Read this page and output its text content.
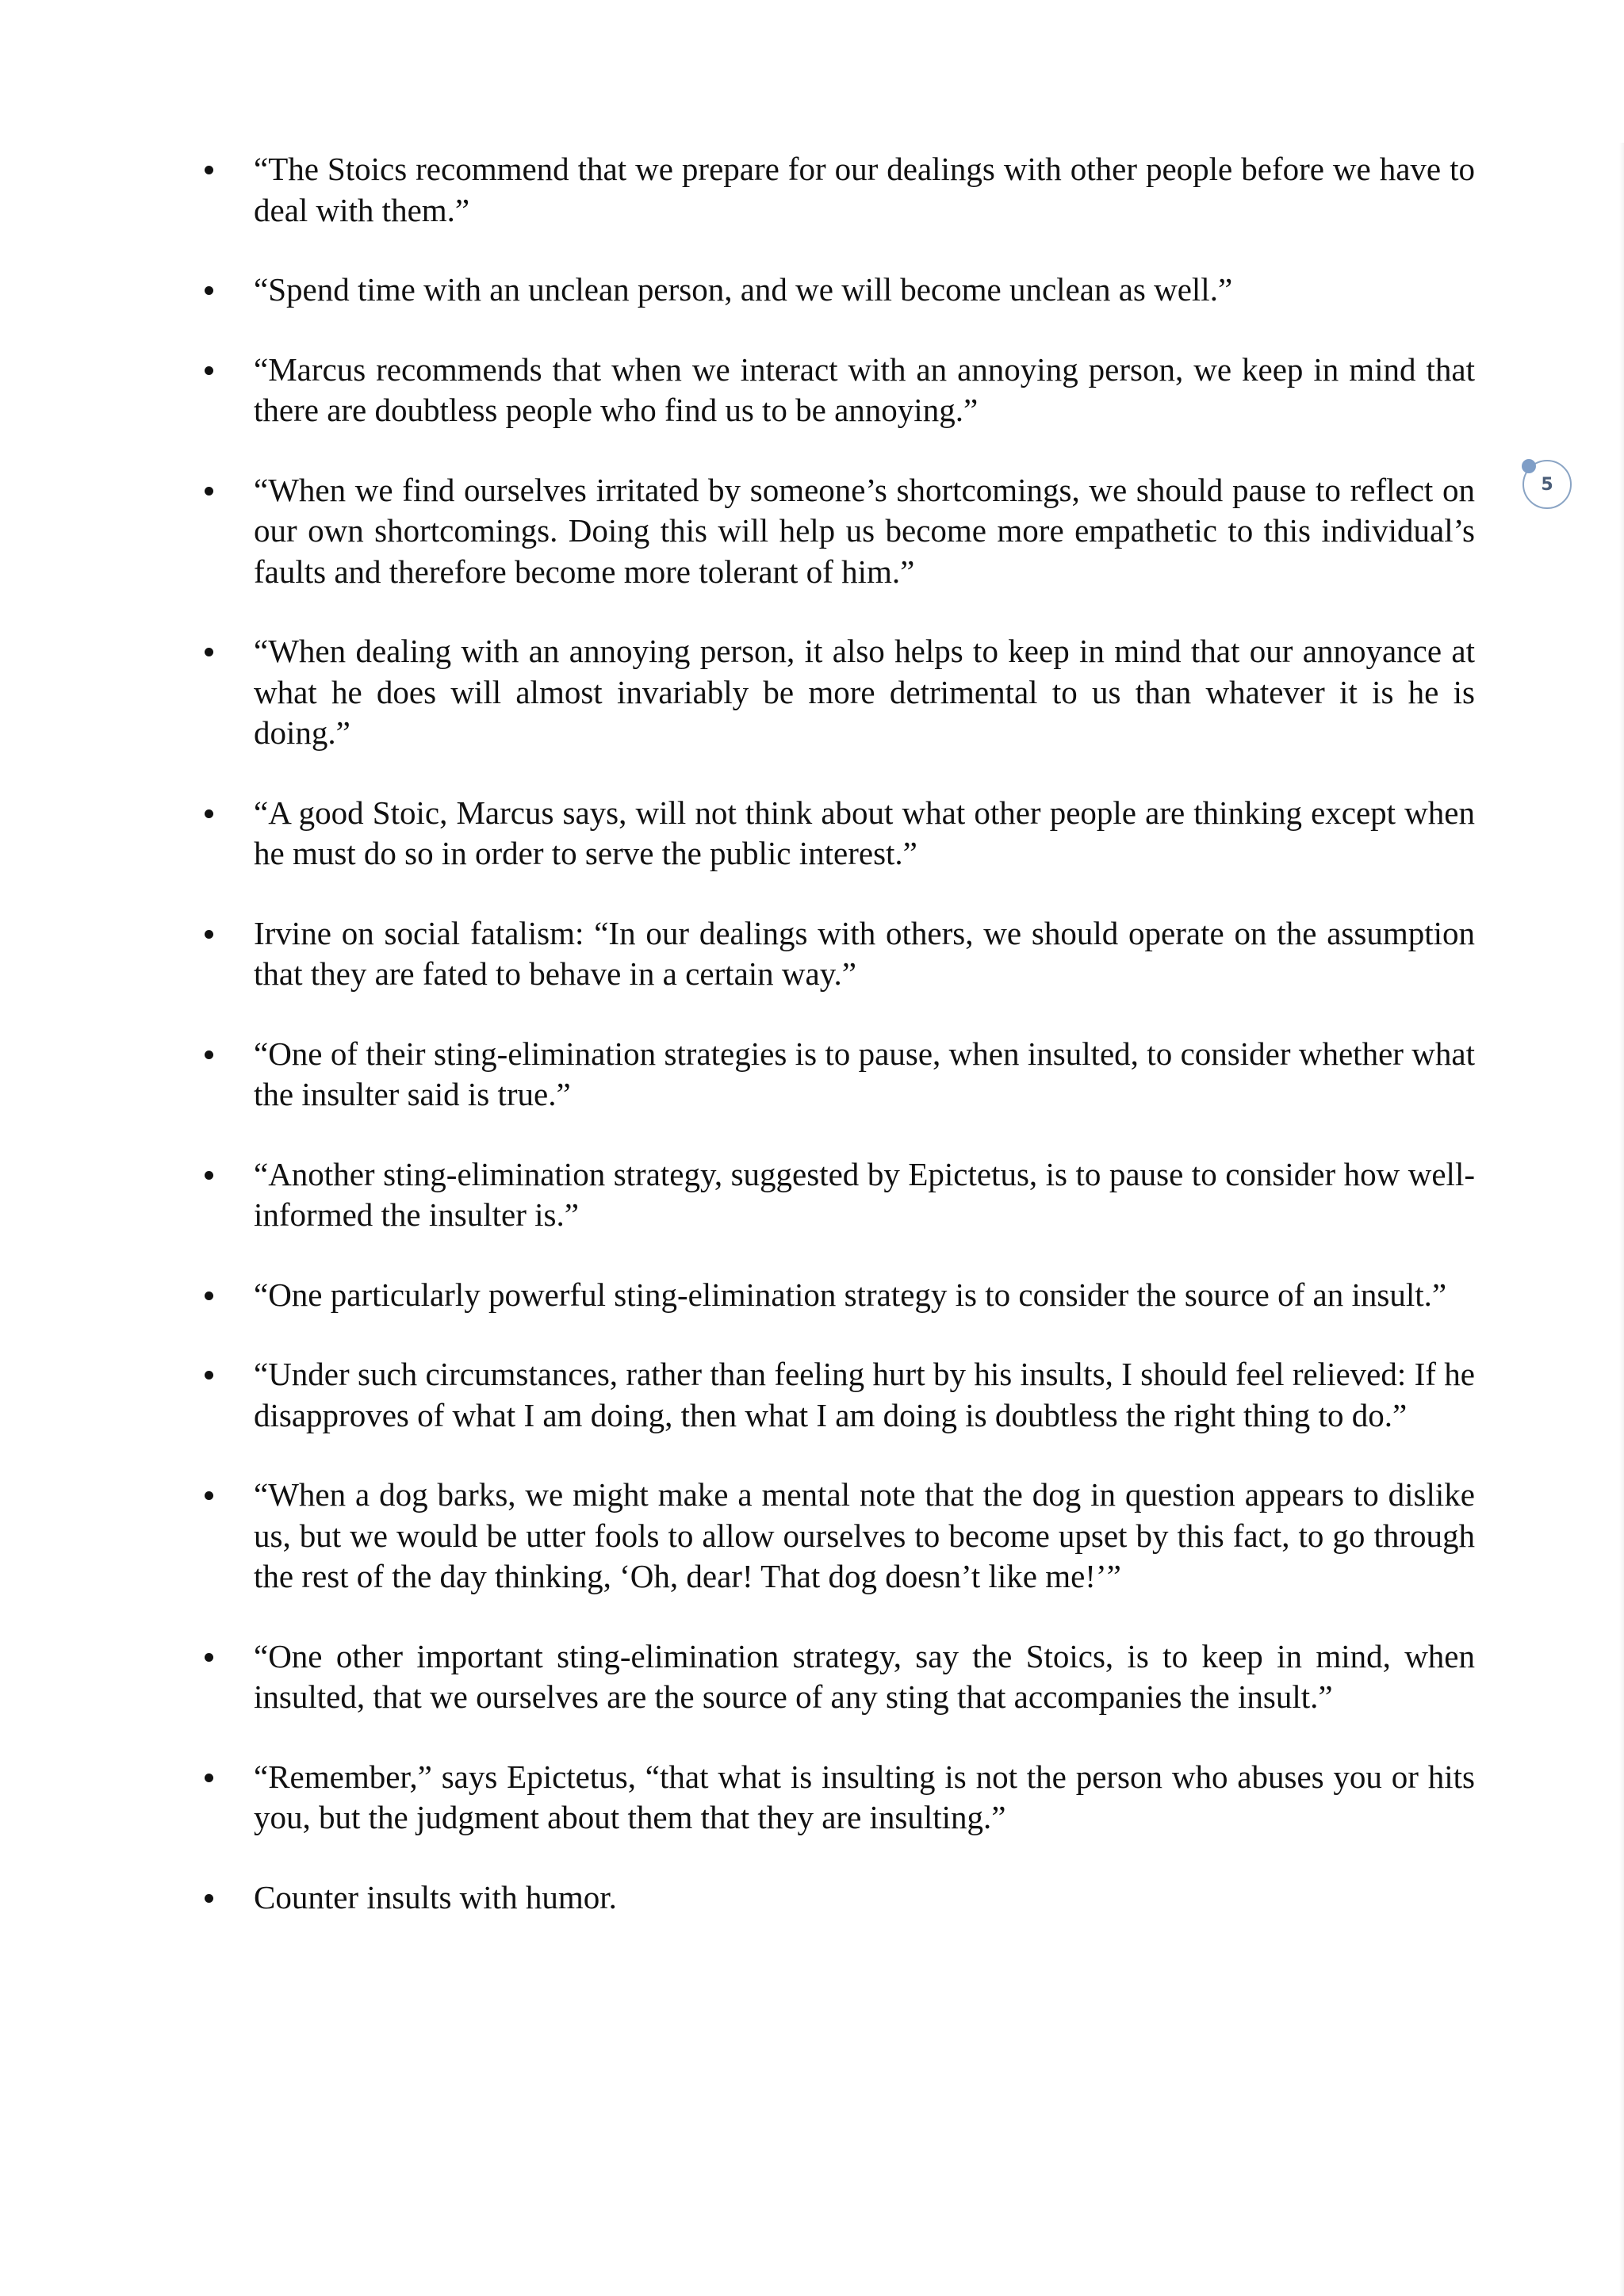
“The Stoics recommend that we prepare for our dealings with other people before we have to deal with them.”
“Spend time with an unclean person, and we will become unclean as well.”
“Marcus recommends that when we interact with an annoying person, we keep in mind that there are doubtless people who find us to be annoying.”
“When we find ourselves irritated by someone’s shortcomings, we should pause to reflect on our own shortcomings. Doing this will help us become more empathetic to this individual’s faults and therefore become more tolerant of him.”
“When dealing with an annoying person, it also helps to keep in mind that our annoyance at what he does will almost invariably be more detrimental to us than whatever it is he is doing.”
“A good Stoic, Marcus says, will not think about what other people are thinking except when he must do so in order to serve the public interest.”
Irvine on social fatalism: “In our dealings with others, we should operate on the assumption that they are fated to behave in a certain way.”
“One of their sting-elimination strategies is to pause, when insulted, to consider whether what the insulter said is true.”
“Another sting-elimination strategy, suggested by Epictetus, is to pause to consider how well-informed the insulter is.”
“One particularly powerful sting-elimination strategy is to consider the source of an insult.”
“Under such circumstances, rather than feeling hurt by his insults, I should feel relieved: If he disapproves of what I am doing, then what I am doing is doubtless the right thing to do.”
“When a dog barks, we might make a mental note that the dog in question appears to dislike us, but we would be utter fools to allow ourselves to become upset by this fact, to go through the rest of the day thinking, ‘Oh, dear! That dog doesn’t like me!’”
“One other important sting-elimination strategy, say the Stoics, is to keep in mind, when insulted, that we ourselves are the source of any sting that accompanies the insult.”
“Remember,” says Epictetus, “that what is insulting is not the person who abuses you or hits you, but the judgment about them that they are insulting.”
Counter insults with humor.
5
